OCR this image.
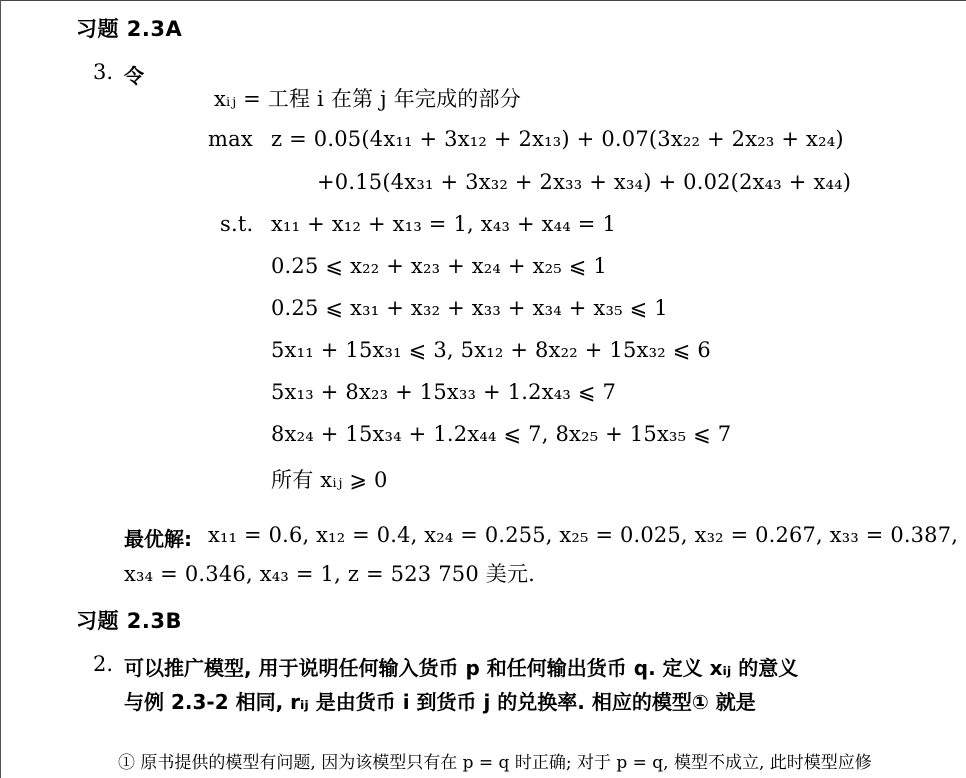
习题 2.3A
3. 令
xᵢⱼ = 工程 i 在第 j 年完成的部分
max z = 0.05(4x₁₁ + 3x₁₂ + 2x₁₃) + 0.07(3x₂₂ + 2x₂₃ + x₂₄)
+0.15(4x₃₁ + 3x₃₂ + 2x₃₃ + x₃₄) + 0.02(2x₄₃ + x₄₄)
s.t. x₁₁ + x₁₂ + x₁₃ = 1, x₄₃ + x₄₄ = 1
0.25 ⩽ x₂₂ + x₂₃ + x₂₄ + x₂₅ ⩽ 1
0.25 ⩽ x₃₁ + x₃₂ + x₃₃ + x₃₄ + x₃₅ ⩽ 1
5x₁₁ + 15x₃₁ ⩽ 3, 5x₁₂ + 8x₂₂ + 15x₃₂ ⩽ 6
5x₁₃ + 8x₂₃ + 15x₃₃ + 1.2x₄₃ ⩽ 7
8x₂₄ + 15x₃₄ + 1.2x₄₄ ⩽ 7, 8x₂₅ + 15x₃₅ ⩽ 7
所有 xᵢⱼ ⩾ 0
最优解: x₁₁ = 0.6, x₁₂ = 0.4, x₂₄ = 0.255, x₂₅ = 0.025, x₃₂ = 0.267, x₃₃ = 0.387,
x₃₄ = 0.346, x₄₃ = 1, z = 523 750 美元.
习题 2.3B
2. 可以推广模型, 用于说明任何输入货币 p 和任何输出货币 q. 定义 xᵢⱼ 的意义
与例 2.3-2 相同, rᵢⱼ 是由货币 i 到货币 j 的兑换率. 相应的模型① 就是
① 原书提供的模型有问题, 因为该模型只有在 p = q 时正确; 对于 p = q, 模型不成立, 此时模型应修
